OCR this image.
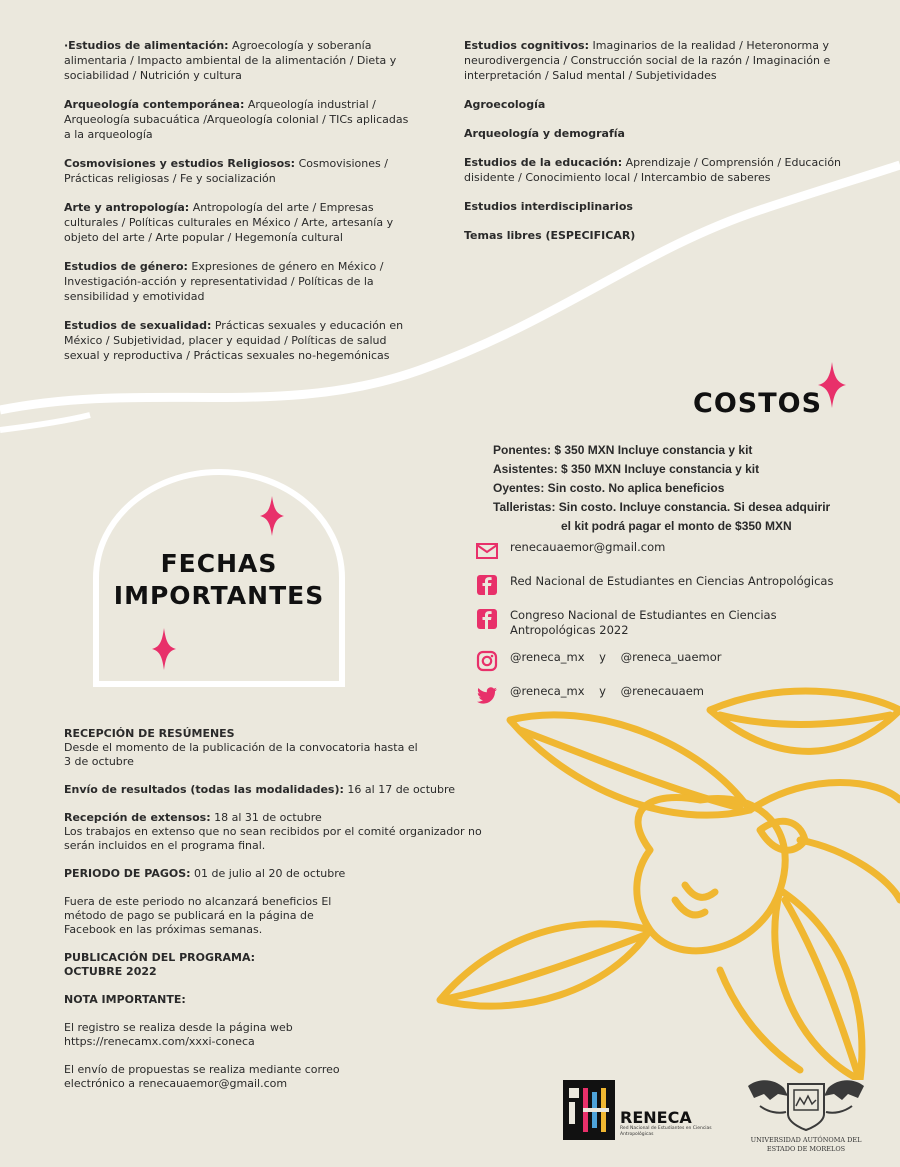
·Estudios de alimentación: Agroecología y soberanía alimentaria / Impacto ambiental de la alimentación / Dieta y sociabilidad / Nutrición y cultura

Arqueología contemporánea: Arqueología industrial / Arqueología subacuática /Arqueología colonial / TICs aplicadas a la arqueología

Cosmovisiones y estudios Religiosos: Cosmovisiones / Prácticas religiosas / Fe y socialización

Arte y antropología: Antropología del arte / Empresas culturales / Políticas culturales en México / Arte, artesanía y objeto del arte / Arte popular / Hegemonía cultural

Estudios de género: Expresiones de género en México / Investigación-acción y representatividad / Políticas de la sensibilidad y emotividad

Estudios de sexualidad: Prácticas sexuales y educación en México / Subjetividad, placer y equidad / Políticas de salud sexual y reproductiva / Prácticas sexuales no-hegemónicas

Estudios cognitivos: Imaginarios de la realidad / Heteronorma y neurodivergencia / Construcción social de la razón / Imaginación e interpretación / Salud mental / Subjetividades

Agroecología

Arqueología y demografía

Estudios de la educación: Aprendizaje / Comprensión / Educación disidente / Conocimiento local / Intercambio de saberes

Estudios interdisciplinarios

Temas libres (ESPECIFICAR)

COSTOS
Ponentes: $ 350 MXN Incluye constancia y kit
Asistentes: $ 350 MXN Incluye constancia y kit
Oyentes: Sin costo. No aplica beneficios
Talleristas: Sin costo. Incluye constancia. Si desea adquirir
el kit podrá pagar el monto de $350 MXN
renecauaemor@gmail.com
Red Nacional de Estudiantes en Ciencias Antropológicas
Congreso Nacional de Estudiantes en Ciencias Antropológicas 2022
@reneca_mx    y    @reneca_uaemor
@reneca_mx    y    @renecauaem
FECHAS
IMPORTANTES
RECEPCIÓN DE RESÚMENES
Desde el momento de la publicación de la convocatoria hasta el 3 de octubre
Envío de resultados (todas las modalidades): 16 al 17 de octubre
Recepción de extensos: 18 al 31 de octubre
Los trabajos en extenso que no sean recibidos por el comité organizador no serán incluidos en el programa final.
PERIODO DE PAGOS: 01 de julio al 20 de octubre
Fuera de este periodo no alcanzará beneficios El método de pago se publicará en la página de Facebook en las próximas semanas.
PUBLICACIÓN DEL PROGRAMA:
OCTUBRE 2022
NOTA IMPORTANTE:
El registro se realiza desde la página web https://renecamx.com/xxxi-coneca
El envío de propuestas se realiza mediante correo electrónico a renecauaemor@gmail.com
RENECA
Red Nacional de Estudiantes en Ciencias Antropológicas
UNIVERSIDAD AUTÓNOMA DEL
ESTADO DE MORELOS
